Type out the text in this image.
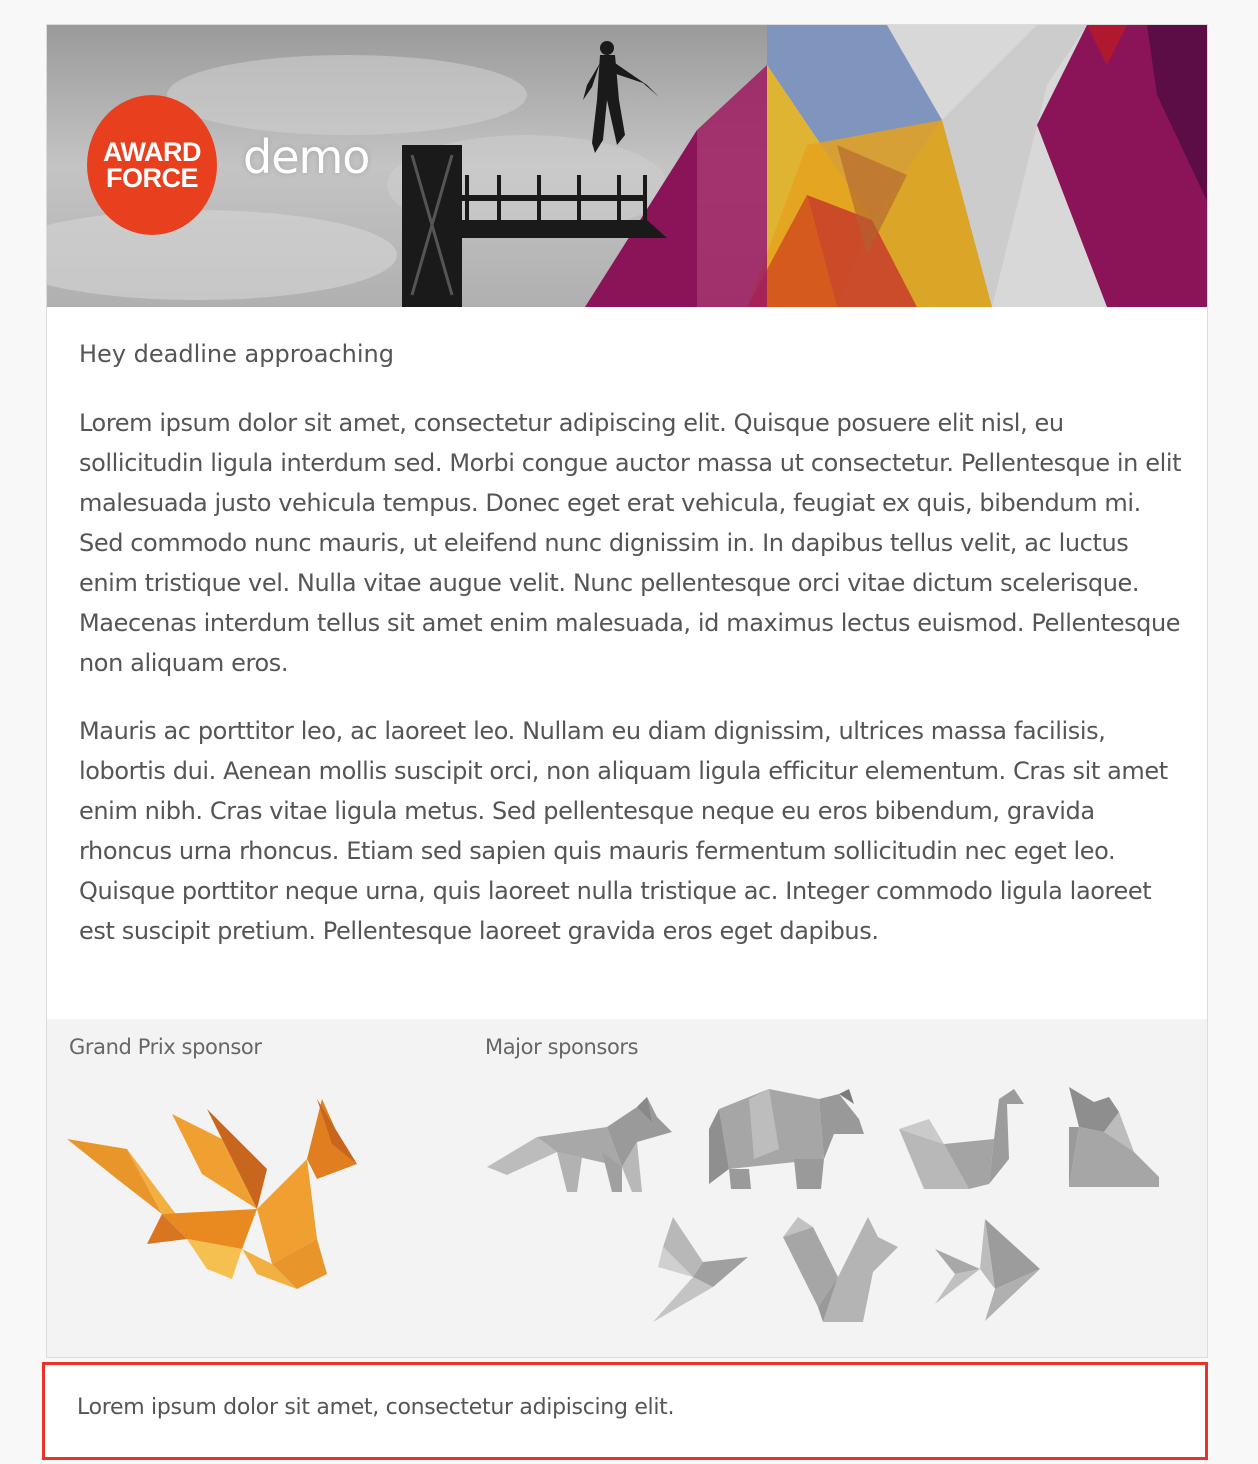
AWARD
FORCE demo

Hey deadline approaching

Lorem ipsum dolor sit amet, consectetur adipiscing elit. Quisque posuere elit nisl, eu sollicitudin ligula interdum sed. Morbi congue auctor massa ut consectetur. Pellentesque in elit malesuada justo vehicula tempus. Donec eget erat vehicula, feugiat ex quis, bibendum mi. Sed commodo nunc mauris, ut eleifend nunc dignissim in. In dapibus tellus velit, ac luctus enim tristique vel. Nulla vitae augue velit. Nunc pellentesque orci vitae dictum scelerisque. Maecenas interdum tellus sit amet enim malesuada, id maximus lectus euismod. Pellentesque non aliquam eros.

Mauris ac porttitor leo, ac laoreet leo. Nullam eu diam dignissim, ultrices massa facilisis, lobortis dui. Aenean mollis suscipit orci, non aliquam ligula efficitur elementum. Cras sit amet enim nibh. Cras vitae ligula metus. Sed pellentesque neque eu eros bibendum, gravida rhoncus urna rhoncus. Etiam sed sapien quis mauris fermentum sollicitudin nec eget leo. Quisque porttitor neque urna, quis laoreet nulla tristique ac. Integer commodo ligula laoreet est suscipit pretium. Pellentesque laoreet gravida eros eget dapibus.

Grand Prix sponsor	Major sponsors
Lorem ipsum dolor sit amet, consectetur adipiscing elit.
